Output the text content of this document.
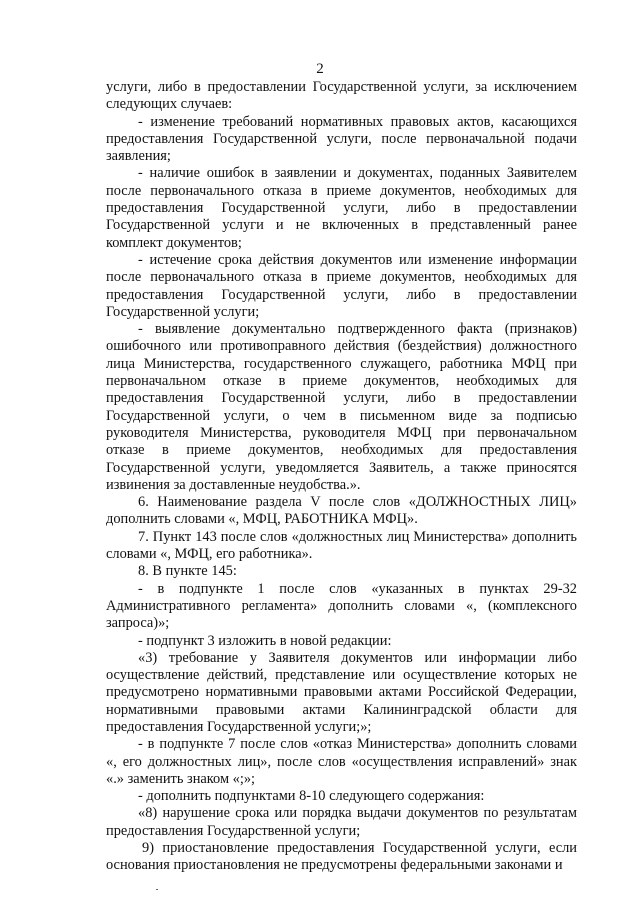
2

услуги, либо в предоставлении Государственной услуги, за исключением следующих случаев:

- изменение требований нормативных правовых актов, касающихся предоставления Государственной услуги, после первоначальной подачи заявления;

- наличие ошибок в заявлении и документах, поданных Заявителем после первоначального отказа в приеме документов, необходимых для предоставления Государственной услуги, либо в предоставлении Государственной услуги и не включенных в представленный ранее комплект документов;

- истечение срока действия документов или изменение информации после первоначального отказа в приеме документов, необходимых для предоставления Государственной услуги, либо в предоставлении Государственной услуги;

- выявление документально подтвержденного факта (признаков) ошибочного или противоправного действия (бездействия) должностного лица Министерства, государственного служащего, работника МФЦ при первоначальном отказе в приеме документов, необходимых для предоставления Государственной услуги, либо в предоставлении Государственной услуги, о чем в письменном виде за подписью руководителя Министерства, руководителя МФЦ при первоначальном отказе в приеме документов, необходимых для предоставления Государственной услуги, уведомляется Заявитель, а также приносятся извинения за доставленные неудобства.».

6. Наименование раздела V после слов «ДОЛЖНОСТНЫХ ЛИЦ» дополнить словами «, МФЦ, РАБОТНИКА МФЦ».

7. Пункт 143 после слов «должностных лиц Министерства» дополнить словами «, МФЦ, его работника».

8. В пункте 145:

- в подпункте 1 после слов «указанных в пунктах 29-32 Административного регламента» дополнить словами «, (комплексного запроса)»;

- подпункт 3 изложить в новой редакции:

«3) требование у Заявителя документов или информации либо осуществление действий, представление или осуществление которых не предусмотрено нормативными правовыми актами Российской Федерации, нормативными правовыми актами Калининградской области для предоставления Государственной услуги;»;

- в подпункте 7 после слов «отказ Министерства» дополнить словами «, его должностных лиц», после слов «осуществления исправлений» знак «.» заменить знаком «;»;

- дополнить подпунктами 8-10 следующего содержания:

«8) нарушение срока или порядка выдачи документов по результатам предоставления Государственной услуги;

9) приостановление предоставления Государственной услуги, если основания приостановления не предусмотрены федеральными законами и
